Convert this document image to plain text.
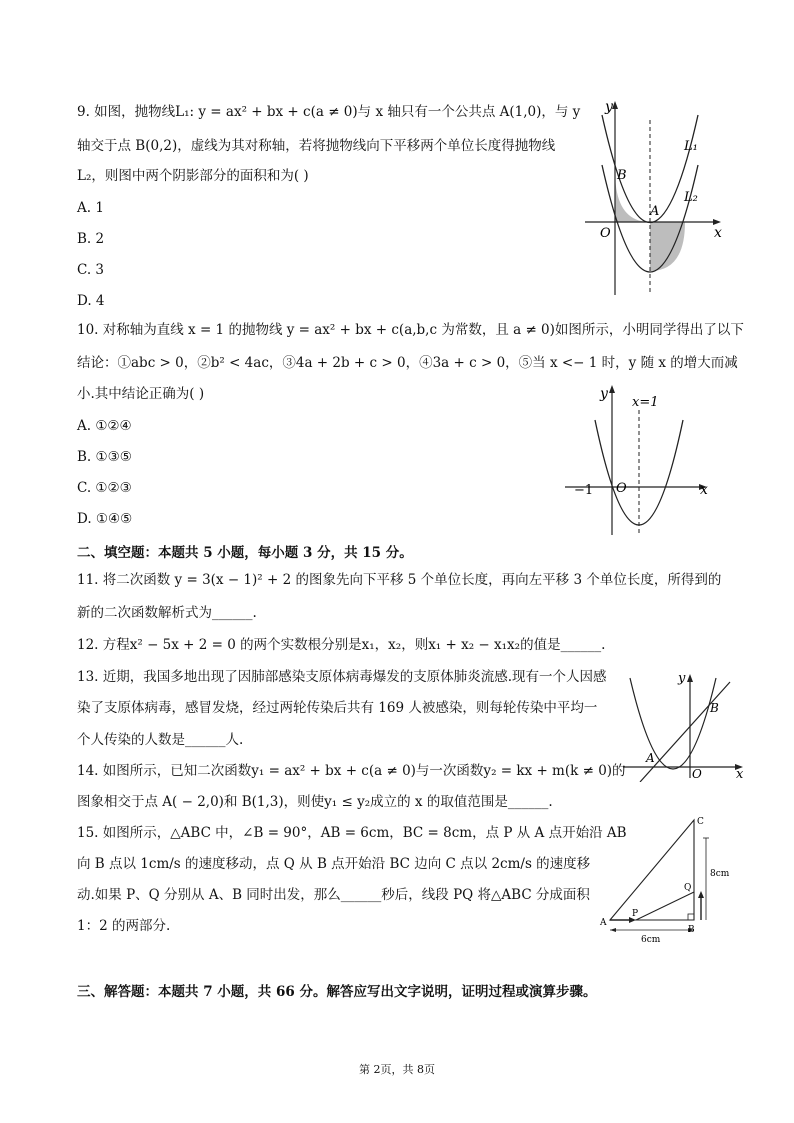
9. 如图，抛物线L₁: y = ax² + bx + c(a ≠ 0)与 x 轴只有一个公共点 A(1,0)，与 y
轴交于点 B(0,2)，虚线为其对称轴，若将抛物线向下平移两个单位长度得抛物线
L₂，则图中两个阴影部分的面积和为( )
A. 1
B. 2
C. 3
D. 4
y
x
O
A
B
L₁
L₂
10. 对称轴为直线 x = 1 的抛物线 y = ax² + bx + c(a,b,c 为常数，且 a ≠ 0)如图所示，小明同学得出了以下
结论：①abc > 0，②b² < 4ac，③4a + 2b + c > 0，④3a + c > 0，⑤当 x <− 1 时，y 随 x 的增大而减
小.其中结论正确为( )
A. ①②④
B. ①③⑤
C. ①②③
D. ①④⑤
y
x=1
x
O
−1
二、填空题：本题共 5 小题，每小题 3 分，共 15 分。
11. 将二次函数 y = 3(x − 1)² + 2 的图象先向下平移 5 个单位长度，再向左平移 3 个单位长度，所得到的
新的二次函数解析式为______.
12. 方程x² − 5x + 2 = 0 的两个实数根分别是x₁，x₂，则x₁ + x₂ − x₁x₂的值是______.
13. 近期，我国多地出现了因肺部感染支原体病毒爆发的支原体肺炎流感.现有一个人因感
染了支原体病毒，感冒发烧，经过两轮传染后共有 169 人被感染，则每轮传染中平均一
个人传染的人数是______人.
y
x
O
A
B
14. 如图所示，已知二次函数y₁ = ax² + bx + c(a ≠ 0)与一次函数y₂ = kx + m(k ≠ 0)的
图象相交于点 A( − 2,0)和 B(1,3)，则使y₁ ≤ y₂成立的 x 的取值范围是______.
15. 如图所示，△ABC 中，∠B = 90°，AB = 6cm，BC = 8cm，点 P 从 A 点开始沿 AB
向 B 点以 1cm/s 的速度移动，点 Q 从 B 点开始沿 BC 边向 C 点以 2cm/s 的速度移
动.如果 P、Q 分别从 A、B 同时出发，那么______秒后，线段 PQ 将△ABC 分成面积
1：2 的两部分.	A
B
C
P
Q
8cm
6cm
三、解答题：本题共 7 小题，共 66 分。解答应写出文字说明，证明过程或演算步骤。
第 2页，共 8页
